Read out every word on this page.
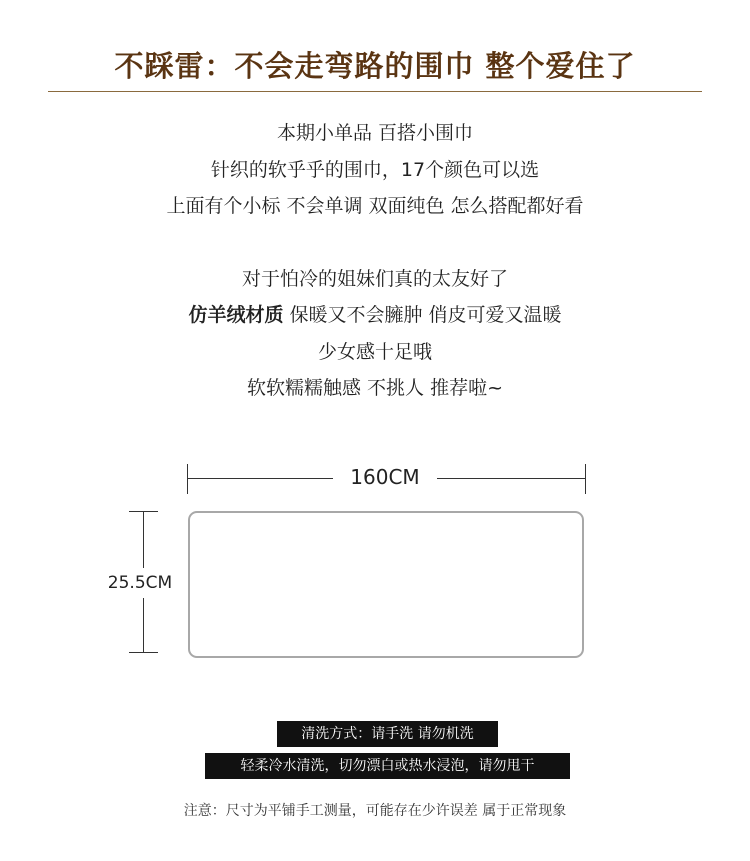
不踩雷：不会走弯路的围巾 整个爱住了
本期小单品 百搭小围巾
针织的软乎乎的围巾，17个颜色可以选
上面有个小标 不会单调 双面纯色 怎么搭配都好看
对于怕冷的姐妹们真的太友好了
仿羊绒材质 保暖又不会臃肿 俏皮可爱又温暖
少女感十足哦
软软糯糯触感 不挑人 推荐啦~
160CM
25.5CM
清洗方式：请手洗 请勿机洗
轻柔冷水清洗，切勿漂白或热水浸泡，请勿甩干
注意：尺寸为平铺手工测量，可能存在少许误差 属于正常现象
